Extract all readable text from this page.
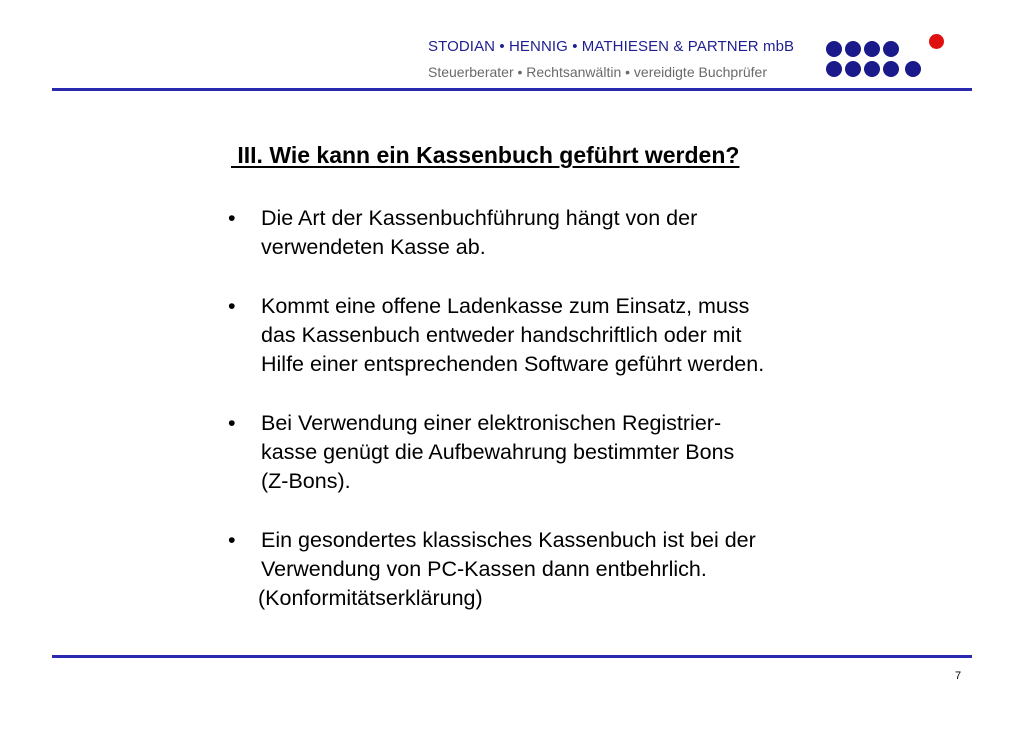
STODIAN • HENNIG • MATHIESEN & PARTNER mbB
Steuerberater • Rechtsanwältin • vereidigte Buchprüfer
III. Wie kann ein Kassenbuch geführt werden?
• Die Art der Kassenbuchführung hängt von der
verwendeten Kasse ab.
• Kommt eine offene Ladenkasse zum Einsatz, muss
das Kassenbuch entweder handschriftlich oder mit
Hilfe einer entsprechenden Software geführt werden.
• Bei Verwendung einer elektronischen Registrier-
kasse genügt die Aufbewahrung bestimmter Bons
(Z-Bons).
• Ein gesondertes klassisches Kassenbuch ist bei der
Verwendung von PC-Kassen dann entbehrlich.
(Konformitätserklärung)
7
